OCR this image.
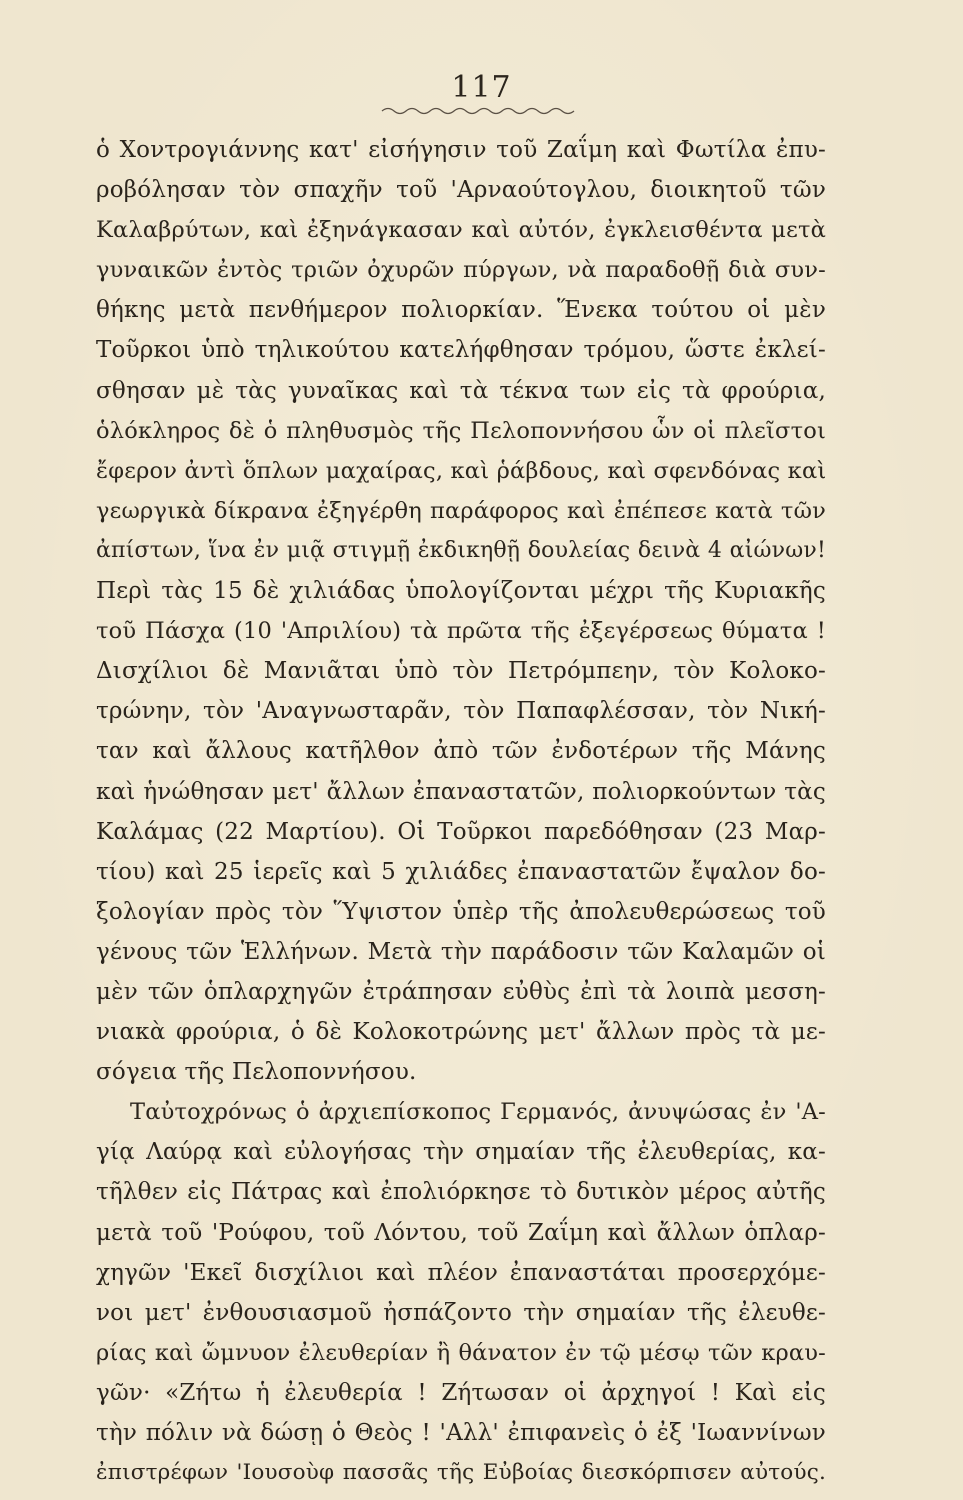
117
ὁ Χοντρογιάννης κατ' εἰσήγησιν τοῦ Ζαΐμη καὶ Φωτίλα ἐπυ-
ροβόλησαν τὸν σπαχῆν τοῦ 'Αρναούτογλου, διοικητοῦ τῶν
Καλαβρύτων, καὶ ἐξηνάγκασαν καὶ αὐτόν, ἐγκλεισθέντα μετὰ
γυναικῶν ἐντὸς τριῶν ὀχυρῶν πύργων, νὰ παραδοθῇ διὰ συν-
θήκης μετὰ πενθήμερον πολιορκίαν. Ἕνεκα τούτου οἱ μὲν
Τοῦρκοι ὑπὸ τηλικούτου κατελήφθησαν τρόμου, ὥστε ἐκλεί-
σθησαν μὲ τὰς γυναῖκας καὶ τὰ τέκνα των εἰς τὰ φρούρια,
ὁλόκληρος δὲ ὁ πληθυσμὸς τῆς Πελοποννήσου ὧν οἱ πλεῖστοι
ἔφερον ἀντὶ ὅπλων μαχαίρας, καὶ ῥάβδους, καὶ σφενδόνας καὶ
γεωργικὰ δίκρανα ἐξηγέρθη παράφορος καὶ ἐπέπεσε κατὰ τῶν
ἀπίστων, ἵνα ἐν μιᾷ στιγμῇ ἐκδικηθῇ δουλείας δεινὰ 4 αἰώνων!
Περὶ τὰς 15 δὲ χιλιάδας ὑπολογίζονται μέχρι τῆς Κυριακῆς
τοῦ Πάσχα (10 'Απριλίου) τὰ πρῶτα τῆς ἐξεγέρσεως θύματα !
Δισχίλιοι δὲ Μανιᾶται ὑπὸ τὸν Πετρόμπεην, τὸν Κολοκο-
τρώνην, τὸν 'Αναγνωσταρᾶν, τὸν Παπαφλέσσαν, τὸν Νική-
ταν καὶ ἄλλους κατῆλθον ἀπὸ τῶν ἐνδοτέρων τῆς Μάνης
καὶ ἡνώθησαν μετ' ἄλλων ἐπαναστατῶν, πολιορκούντων τὰς
Καλάμας (22 Μαρτίου). Οἱ Τοῦρκοι παρεδόθησαν (23 Μαρ-
τίου) καὶ 25 ἱερεῖς καὶ 5 χιλιάδες ἐπαναστατῶν ἔψαλον δο-
ξολογίαν πρὸς τὸν Ὕψιστον ὑπὲρ τῆς ἀπολευθερώσεως τοῦ
γένους τῶν Ἑλλήνων. Μετὰ τὴν παράδοσιν τῶν Καλαμῶν οἱ
μὲν τῶν ὁπλαρχηγῶν ἐτράπησαν εὐθὺς ἐπὶ τὰ λοιπὰ μεσση-
νιακὰ φρούρια, ὁ δὲ Κολοκοτρώνης μετ' ἄλλων πρὸς τὰ με-
σόγεια τῆς Πελοποννήσου.
Ταὐτοχρόνως ὁ ἀρχιεπίσκοπος Γερμανός, ἀνυψώσας ἐν 'Α-
γίᾳ Λαύρᾳ καὶ εὐλογήσας τὴν σημαίαν τῆς ἐλευθερίας, κα-
τῆλθεν εἰς Πάτρας καὶ ἐπολιόρκησε τὸ δυτικὸν μέρος αὐτῆς
μετὰ τοῦ 'Ρούφου, τοῦ Λόντου, τοῦ Ζαΐμη καὶ ἄλλων ὁπλαρ-
χηγῶν 'Εκεῖ δισχίλιοι καὶ πλέον ἐπαναστάται προσερχόμε-
νοι μετ' ἐνθουσιασμοῦ ἠσπάζοντο τὴν σημαίαν τῆς ἐλευθε-
ρίας καὶ ὤμνυον ἐλευθερίαν ἢ θάνατον ἐν τῷ μέσῳ τῶν κραυ-
γῶν· «Ζήτω ἡ ἐλευθερία ! Ζήτωσαν οἱ ἀρχηγοί ! Καὶ εἰς
τὴν πόλιν νὰ δώσῃ ὁ Θεὸς ! 'Αλλ' ἐπιφανεὶς ὁ ἐξ 'Ιωαννίνων
ἐπιστρέφων 'Ιουσοὺφ πασσᾶς τῆς Εὐβοίας διεσκόρπισεν αὐτούς.
